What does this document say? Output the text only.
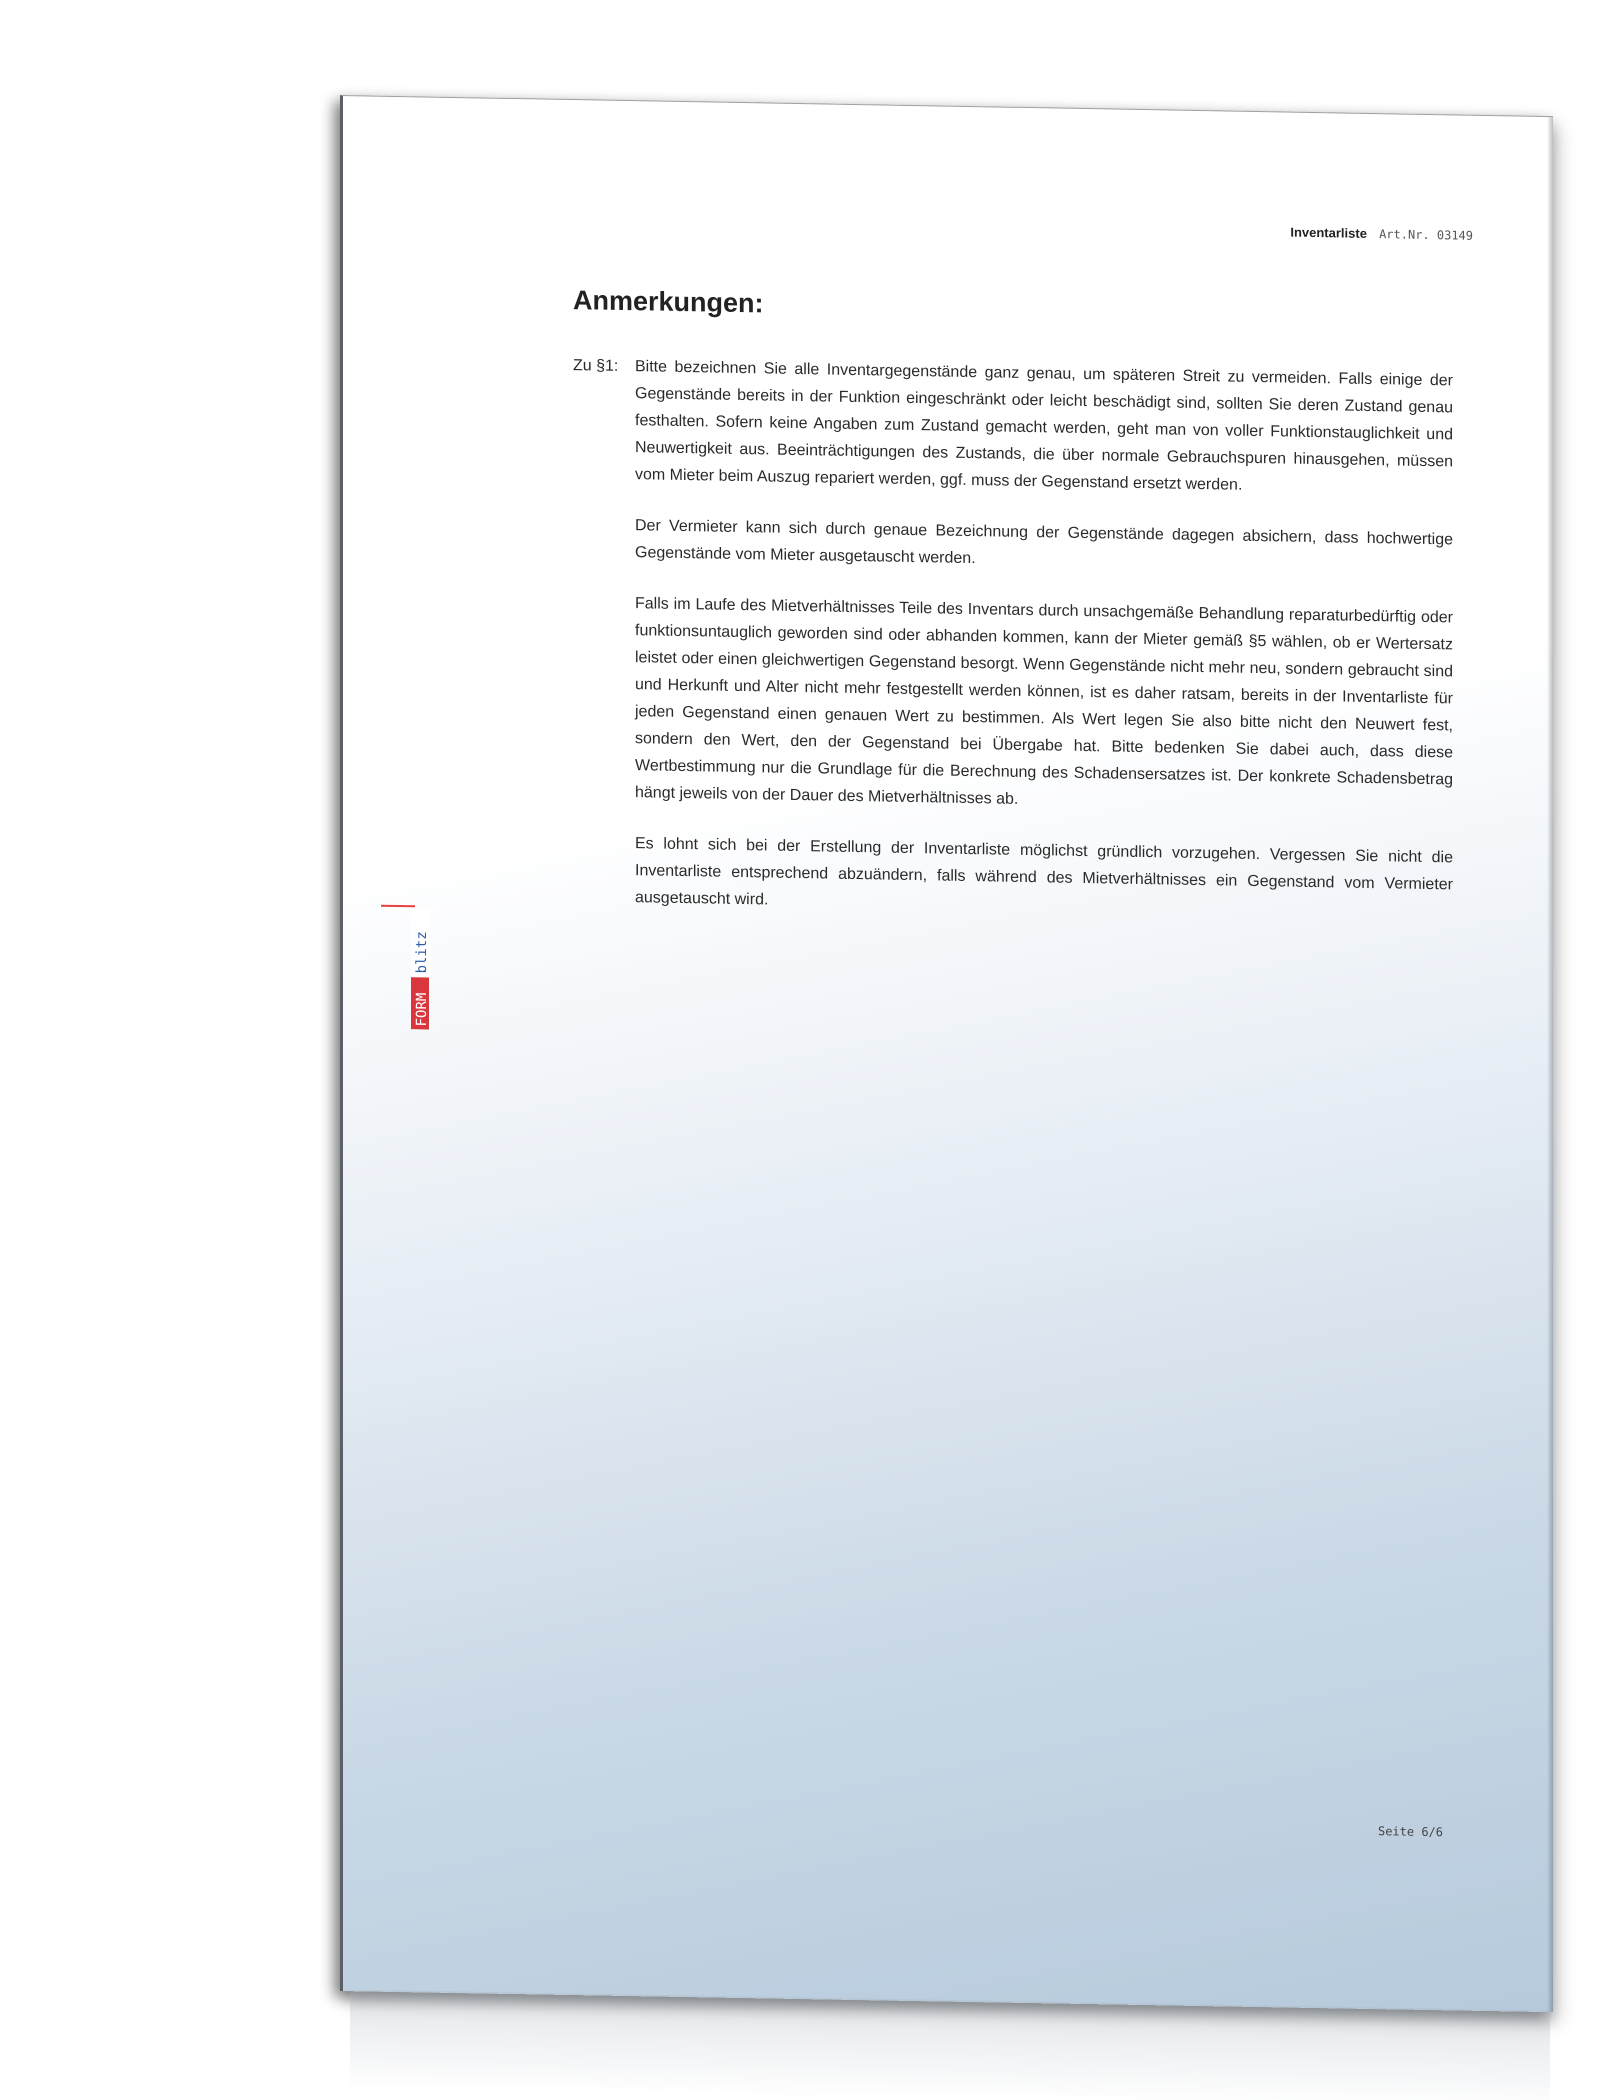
Inventarliste Art.Nr. 03149
Anmerkungen:
Zu §1:	Bitte bezeichnen Sie alle Inventargegenstände ganz genau, um späteren Streit zu vermeiden. Falls einige der Gegenstände bereits in der Funktion eingeschränkt oder leicht beschädigt sind, sollten Sie deren Zustand genau festhalten. Sofern keine Angaben zum Zustand gemacht werden, geht man von voller Funktionstauglichkeit und Neuwertigkeit aus. Beeinträchtigungen des Zustands, die über normale Gebrauchspuren hinausgehen, müssen vom Mieter beim Auszug repariert werden, ggf. muss der Gegenstand ersetzt werden.
Der Vermieter kann sich durch genaue Bezeichnung der Gegenstände dagegen absichern, dass hochwertige Gegenstände vom Mieter ausgetauscht werden.
Falls im Laufe des Mietverhältnisses Teile des Inventars durch unsachgemäße Behandlung reparaturbedürftig oder funktionsuntauglich geworden sind oder abhanden kommen, kann der Mieter gemäß §5 wählen, ob er Wertersatz leistet oder einen gleichwertigen Gegenstand besorgt. Wenn Gegenstände nicht mehr neu, sondern gebraucht sind und Herkunft und Alter nicht mehr festgestellt werden können, ist es daher ratsam, bereits in der Inventarliste für jeden Gegenstand einen genauen Wert zu bestimmen. Als Wert legen Sie also bitte nicht den Neuwert fest, sondern den Wert, den der Gegenstand bei Übergabe hat. Bitte bedenken Sie dabei auch, dass diese Wertbestimmung nur die Grundlage für die Berechnung des Schadensersatzes ist. Der konkrete Schadensbetrag hängt jeweils von der Dauer des Mietverhältnisses ab.
Es lohnt sich bei der Erstellung der Inventarliste möglichst gründlich vorzugehen. Vergessen Sie nicht die Inventarliste entsprechend abzuändern, falls während des Mietverhältnisses ein Gegenstand vom Vermieter ausgetauscht wird.
Seite 6/6
FORM
blitz
